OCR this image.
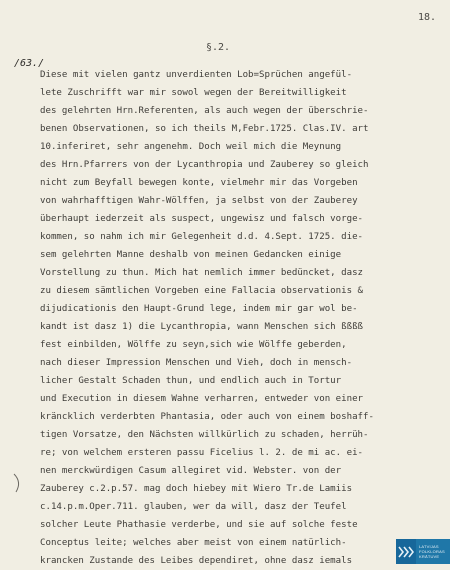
18.
§.2.
/63./
Diese mit vielen gantz unverdienten Lob=Sprüchen angefül-
lete Zuschrifft war mir sowol wegen der Bereitwilligkeit
des gelehrten Hrn.Referenten, als auch wegen der überschrie-
benen Observationen, so ich theils M,Febr.1725. Clas.IV. art
10.inferiret, sehr angenehm. Doch weil mich die Meynung
des Hrn.Pfarrers von der Lycanthropia und Zauberey so gleich
nicht zum Beyfall bewegen konte, vielmehr mir das Vorgeben
von wahrhafftigen Wahr-Wölffen, ja selbst von der Zauberey
überhaupt iederzeit als suspect, ungewisz und falsch vorge-
kommen, so nahm ich mir Gelegenheit d.d. 4.Sept. 1725. die-
sem gelehrten Manne deshalb von meinen Gedancken einige
Vorstellung zu thun. Mich hat nemlich immer bedüncket, dasz
zu diesem sämtlichen Vorgeben eine Fallacia observationis &
dijudicationis den Haupt-Grund lege, indem mir gar wol be-
kandt ist dasz 1) die Lycanthropia, wann Menschen sich ßßßß
fest einbilden, Wölffe zu seyn,sich wie Wölffe geberden,
nach dieser Impression Menschen und Vieh, doch in mensch-
licher Gestalt Schaden thun, und endlich auch in Tortur
und Execution in diesem Wahne verharren, entweder von einer
kräncklich verderbten Phantasia, oder auch von einem boshaff-
tigen Vorsatze, den Nächsten willkürlich zu schaden, herrüh-
re; von welchem ersteren passu Ficelius l. 2. de mi ac. ei-
nen merckwürdigen Casum allegiret vid. Webster. von der
Zauberey c.2.p.57. mag doch hiebey mit Wiero Tr.de Lamiis
c.14.p.m.Oper.711. glauben, wer da will, dasz der Teufel
solcher Leute Phathasie verderbe, und sie auf solche feste
Conceptus leite; welches aber meist von einem natürlich-
krancken Zustande des Leibes dependiret, ohne dasz iemals
LATVIJAS
FOLKLORAS
KRĀTUVE
